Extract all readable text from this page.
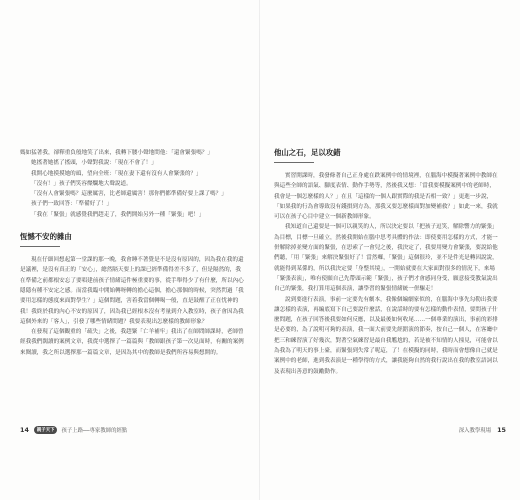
媽如猛著我，卻釋重負般地笑了出來，我轉下腰小聲地問他：「還會緊張嗎？」

她搖著她搖了搖頭，小聲對我說：「現在不會了！」

我開心地摸摸她的頭，望向全班：「現在妻下還有沒有人會緊張的？」

「沒有！」孩子們笑容燦爛地大聲說道。

「沒有人會緊張嗎？這麼厲害，比老師還厲害！那你們都準備好要上課了嗎？」

孩子們一致回答：「準備好了！」

「我在「緊張」就感覺我們趕走了，我們開始另外一種「緊張」吧！」

恆憾不安的雜由

現在仔細回想起第一堂課的那一晚，我會睡不著覺是不是沒有原因的，因為我在我的還是議裡，是沒有真正的「安心」，總然隔天要上的課已經準備得差不多了，但是隔然的，我在準備之前都根安忘了要唱建前孩子情緒這件極重要的事，從手舉得少了有什麼，所以內心隱隱有種不安定之感。而當我臨中開始轉呀轉的擔心這個，擔心那個的時候，突然閃過「我要用怎樣的態度來面對學生？」這個問題，害着我當個轉喝一般，直是鼓醒了正在忧神的我！我終於我的內心不安的原因了，因為我已經根本沒有考量到介入教室時，孩子會因為我這個外來的「客人」，引發了哪些情緒問題？我要表現出怎麼樣的教師形象？

在發現了這個觀重的「疏失」之後，我趕緊「亡羊補牢」我出了在師問師課時，老師曾經我我們闊讀的案例文章，我從中選擇了一篇篇與「教師跟孩子第一次見面時，有關的案例來閱讀，我之所以選擇那一篇篇文章，是因為其中的教師是我們所容易與想開的。

14	親子天下	孩子上路──專家教師的經點
他山之石，足以攻錯

實習開課時，我發條著自己正身處在跌案例中的情境裡，在腦海中模擬著案例中教師在與這些全師的語氣、腳度表情、動作手勢等，然後我又想：「當我要模擬案例中的老師時，我會是一個怎麼樣的人？」在且「這樣的一個人跟實際的我是否相一致？」更進一步說，「如果我的行為會導致沒有錢損到方為，那我又要怎麼樣面對加變補救？」如此一來，我就可以在孩子心目中建立一個新教師形象。

我知道自己還要是一個可以親笑的人，所以決定要以「把孩子逗笑，解除響力的緊張」為目標，目標一旦確立，然後我開始在腦中思考具體的作法：即使要用怎樣的方式，才能一併解除掉並變方面的緊張，在思索了一會兒之後，我決定了，我要用變力會緊張，要說給他們聽，「用「緊張」來解決緊張好了！當然囉，「緊張」這個很玲，並不是件光是轉因說說，就能得到某係的，所以我決定要「身整其境」，一開始就要在大家面對很多的情況下，來場「緊張表演」，唯有使願自己先帶頭示範「緊張」，孩子們才會感同身受，願意接受教氣說出自己的緊張，我打算用這個表演，讓學習的緊張情緒統一併驅走！

說到要進行表演，事前一定要先有劇本，我像個編劇家似的，在腦海中事先勾勒出我要讓怎樣的表演，再編底寫下自己要說什麼話，在說話時的要有怎樣的動作表情，要問孩子什麼問題，在孩子回答後我要如何反應，以及最後如何收尾……一個專業的演出，事前的彩排是必要的，為了說明可夠的表演，我一面大前要先經錯演的節奏，按自己一個人，在客廳中把三和練習演了好幾次，對著空氣練習是最自我尷尬的，若是被不知情的人撞見，可能會以為我為了明天的事上臺，而緊張到失常了呢這，了！在模擬的同時，我時而會想像自己就是案例中的老師，進到我表演是一種學得的方式，讓我能夠自然的我行說出在我的教室語詞以及表現出善意的鼓勵動作。

深入教學現場 15
